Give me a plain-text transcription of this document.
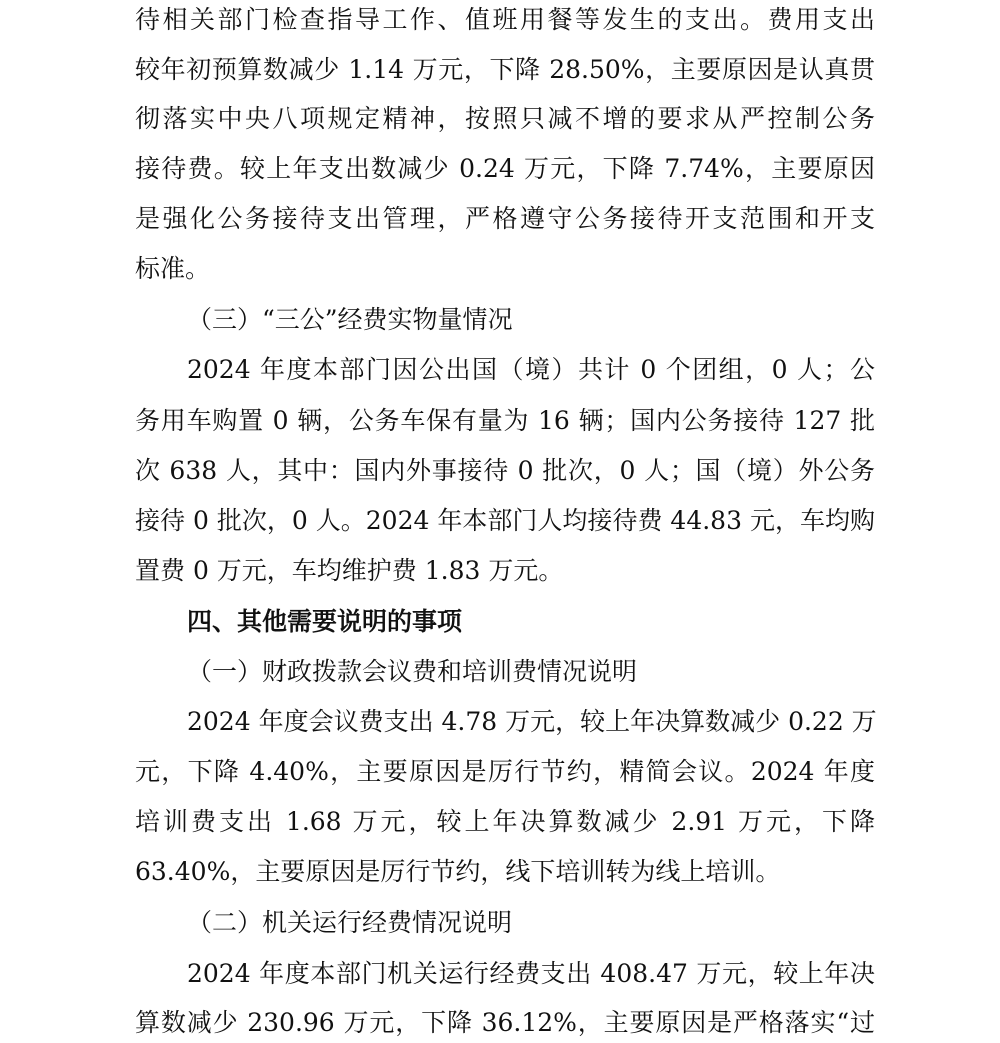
待相关部门检查指导工作、值班用餐等发生的支出。费用支出
较年初预算数减少 1.14 万元，下降 28.50%，主要原因是认真贯
彻落实中央八项规定精神，按照只减不增的要求从严控制公务
接待费。较上年支出数减少 0.24 万元，下降 7.74%，主要原因
是强化公务接待支出管理，严格遵守公务接待开支范围和开支
标准。
（三）“三公”经费实物量情况
2024 年度本部门因公出国（境）共计 0 个团组，0 人；公
务用车购置 0 辆，公务车保有量为 16 辆；国内公务接待 127 批
次 638 人，其中：国内外事接待 0 批次，0 人；国（境）外公务
接待 0 批次，0 人。2024 年本部门人均接待费 44.83 元，车均购
置费 0 万元，车均维护费 1.83 万元。
四、其他需要说明的事项
（一）财政拨款会议费和培训费情况说明
2024 年度会议费支出 4.78 万元，较上年决算数减少 0.22 万
元，下降 4.40%，主要原因是厉行节约，精简会议。2024 年度
培训费支出 1.68 万元，较上年决算数减少 2.91 万元，下降
63.40%，主要原因是厉行节约，线下培训转为线上培训。
（二）机关运行经费情况说明
2024 年度本部门机关运行经费支出 408.47 万元，较上年决
算数减少 230.96 万元，下降 36.12%，主要原因是严格落实“过
